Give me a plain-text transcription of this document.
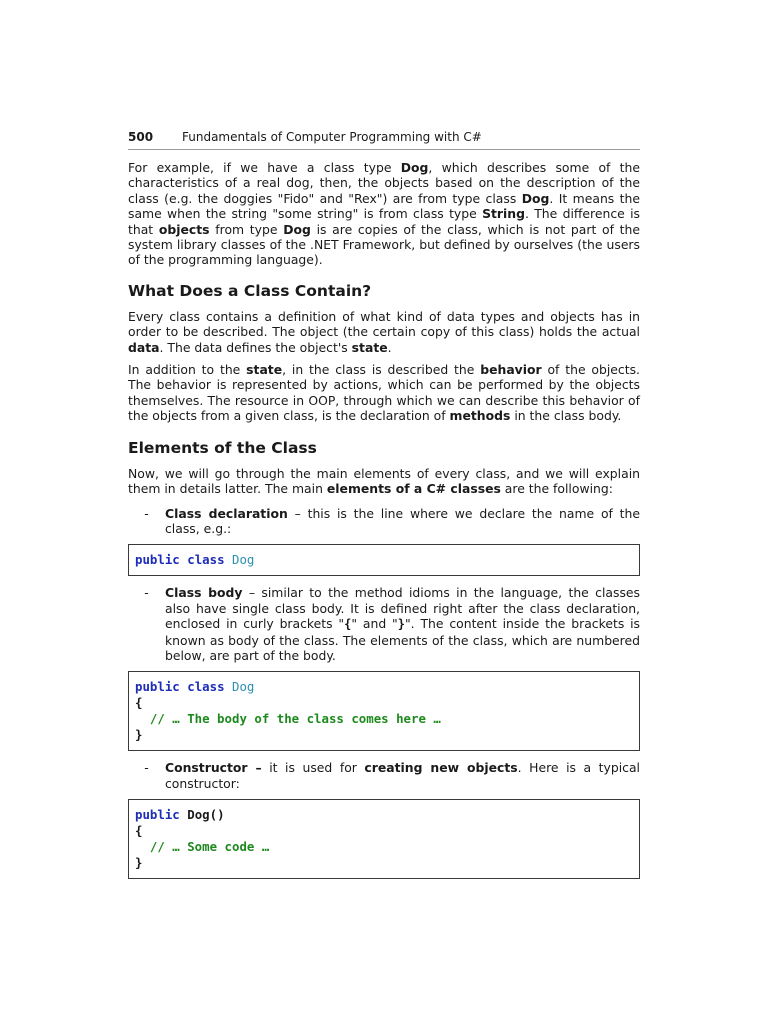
500	Fundamentals of Computer Programming with C#

For example, if we have a class type Dog, which describes some of the characteristics of a real dog, then, the objects based on the description of the class (e.g. the doggies "Fido" and "Rex") are from type class Dog. It means the same when the string "some string" is from class type String. The difference is that objects from type Dog is are copies of the class, which is not part of the system library classes of the .NET Framework, but defined by ourselves (the users of the programming language).

What Does a Class Contain?

Every class contains a definition of what kind of data types and objects has in order to be described. The object (the certain copy of this class) holds the actual data. The data defines the object's state.

In addition to the state, in the class is described the behavior of the objects. The behavior is represented by actions, which can be performed by the objects themselves. The resource in OOP, through which we can describe this behavior of the objects from a given class, is the declaration of methods in the class body.

Elements of the Class

Now, we will go through the main elements of every class, and we will explain them in details latter. The main elements of a C# classes are the following:

-	Class declaration – this is the line where we declare the name of the class, e.g.:

public class Dog
-	Class body – similar to the method idioms in the language, the classes also have single class body. It is defined right after the class declaration, enclosed in curly brackets "{" and "}". The content inside the brackets is known as body of the class. The elements of the class, which are numbered below, are part of the body.

public class Dog
{
// … The body of the class comes here …
}
-	Constructor – it is used for creating new objects. Here is a typical constructor:

public Dog()
{
// … Some code …
}
